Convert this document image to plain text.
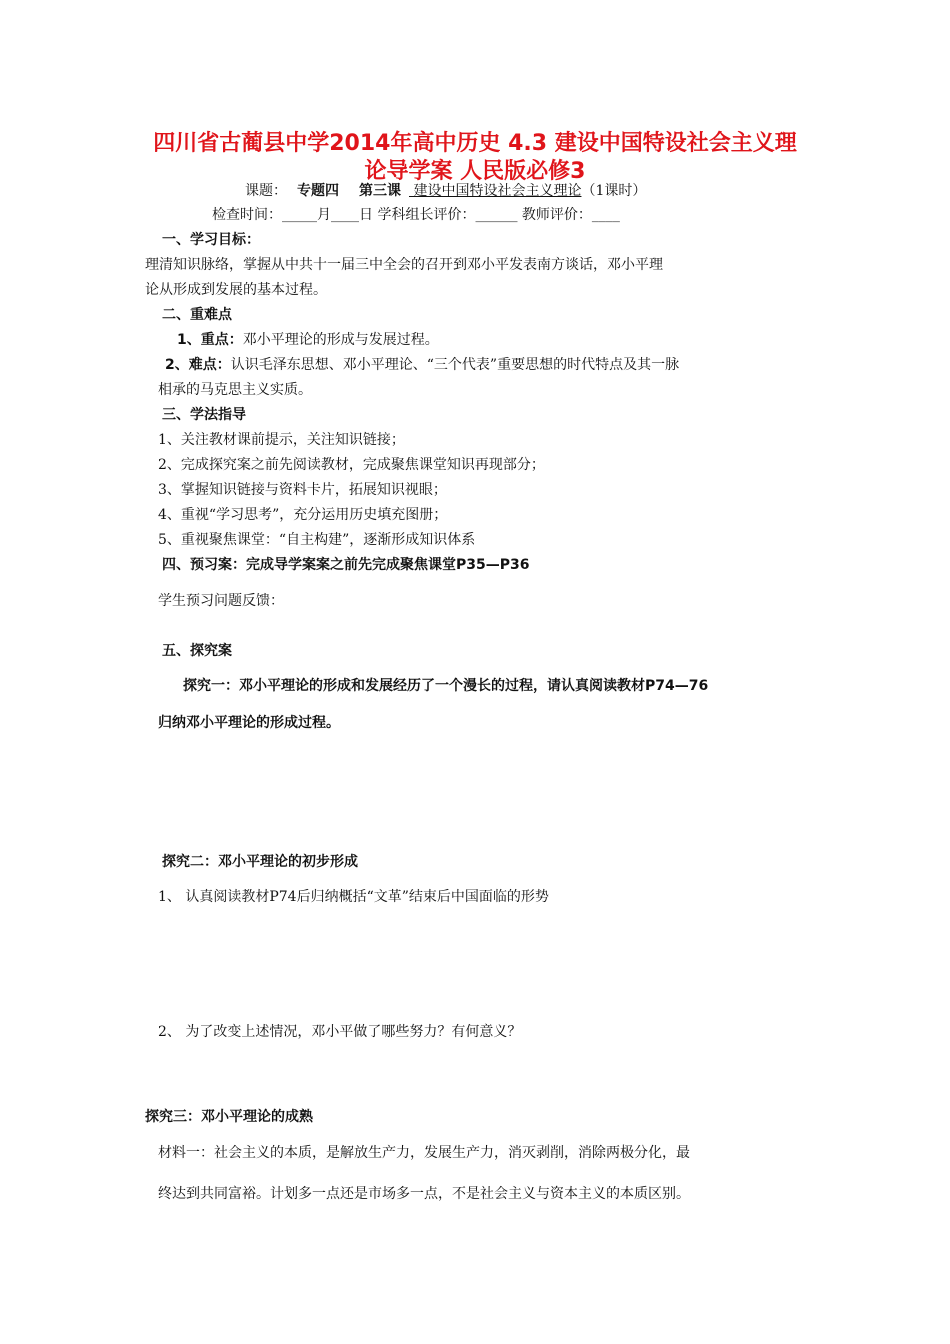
四川省古蔺县中学2014年高中历史 4.3 建设中国特设社会主义理
论导学案 人民版必修3
课题： 专题四 第三课 建设中国特设社会主义理论（1课时）
检查时间：_____月____日 学科组长评价：______ 教师评价：____
一、学习目标：
理清知识脉络，掌握从中共十一届三中全会的召开到邓小平发表南方谈话，邓小平理
论从形成到发展的基本过程。
二、重难点
1、重点：邓小平理论的形成与发展过程。
2、难点：认识毛泽东思想、邓小平理论、“三个代表”重要思想的时代特点及其一脉
相承的马克思主义实质。
三、学法指导
1、关注教材课前提示，关注知识链接；
2、完成探究案之前先阅读教材，完成聚焦课堂知识再现部分；
3、掌握知识链接与资料卡片，拓展知识视眼；
4、重视“学习思考”，充分运用历史填充图册；
5、重视聚焦课堂：“自主构建”，逐渐形成知识体系
四、预习案：完成导学案案之前先完成聚焦课堂P35—P36
学生预习问题反馈：
五、探究案
探究一：邓小平理论的形成和发展经历了一个漫长的过程，请认真阅读教材P74—76
归纳邓小平理论的形成过程。
探究二：邓小平理论的初步形成
1、 认真阅读教材P74后归纳概括“文革”结束后中国面临的形势
2、 为了改变上述情况，邓小平做了哪些努力？有何意义？
探究三：邓小平理论的成熟
材料一：社会主义的本质，是解放生产力，发展生产力，消灭剥削，消除两极分化，最
终达到共同富裕。计划多一点还是市场多一点，不是社会主义与资本主义的本质区别。
